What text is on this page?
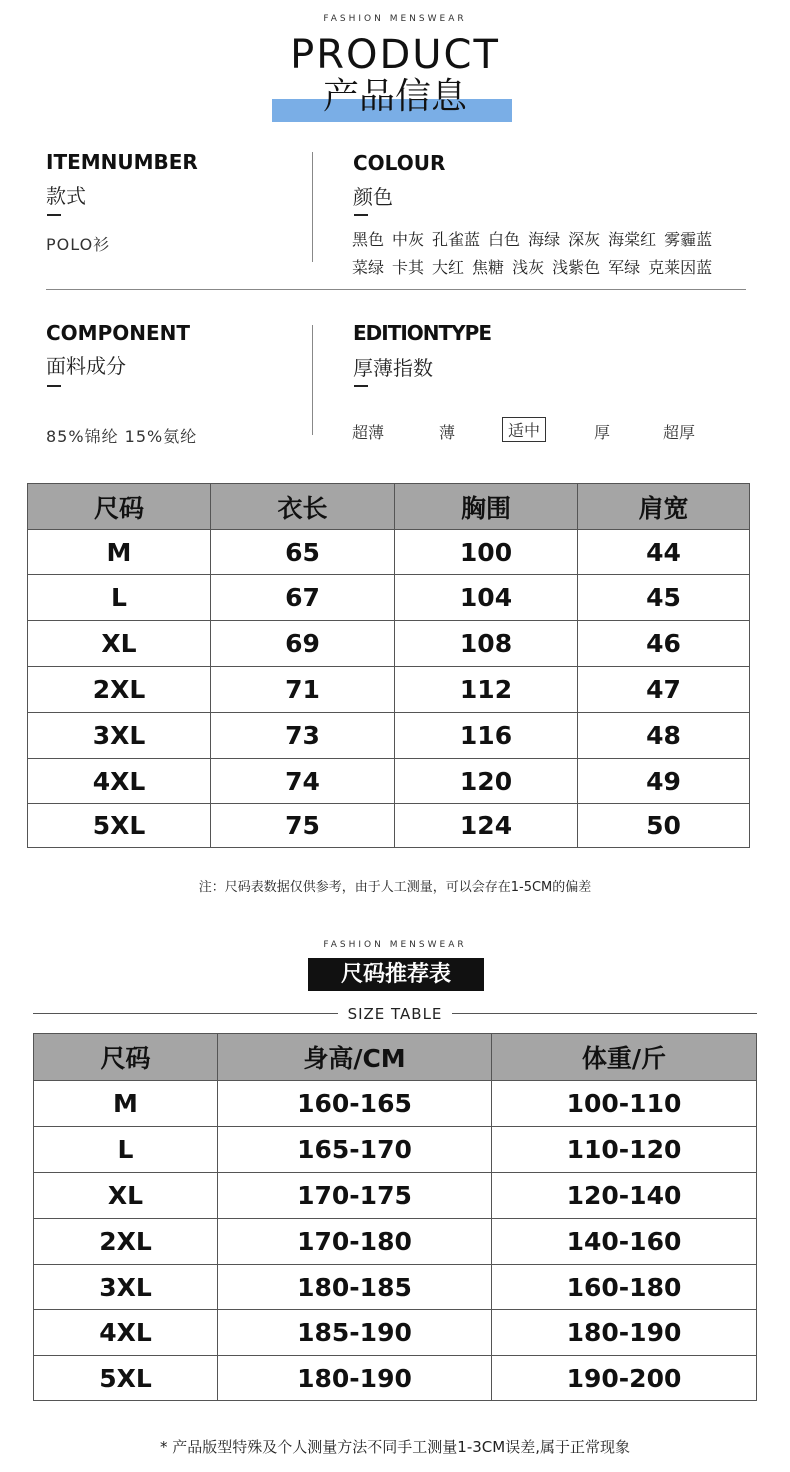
FASHION MENSWEAR
PRODUCT
产品信息
ITEMNUMBER
款式
POLO衫
COLOUR
颜色
黑色 中灰 孔雀蓝 白色 海绿 深灰 海棠红 雾霾蓝
菜绿 卡其 大红 焦糖 浅灰 浅紫色 军绿 克莱因蓝
COMPONENT
面料成分
85%锦纶 15%氨纶
EDITIONTYPE
厚薄指数
超薄	薄	适中	厚	超厚
尺码	衣长	胸围	肩宽
M	65	100	44
L	67	104	45
XL	69	108	46
2XL	71	112	47
3XL	73	116	48
4XL	74	120	49
5XL	75	124	50
注：尺码表数据仅供参考，由于人工测量，可以会存在1-5CM的偏差
FASHION MENSWEAR
尺码推荐表
SIZE TABLE
尺码	身高/CM	体重/斤
M	160-165	100-110
L	165-170	110-120
XL	170-175	120-140
2XL	170-180	140-160
3XL	180-185	160-180
4XL	185-190	180-190
5XL	180-190	190-200
* 产品版型特殊及个人测量方法不同手工测量1-3CM误差,属于正常现象
